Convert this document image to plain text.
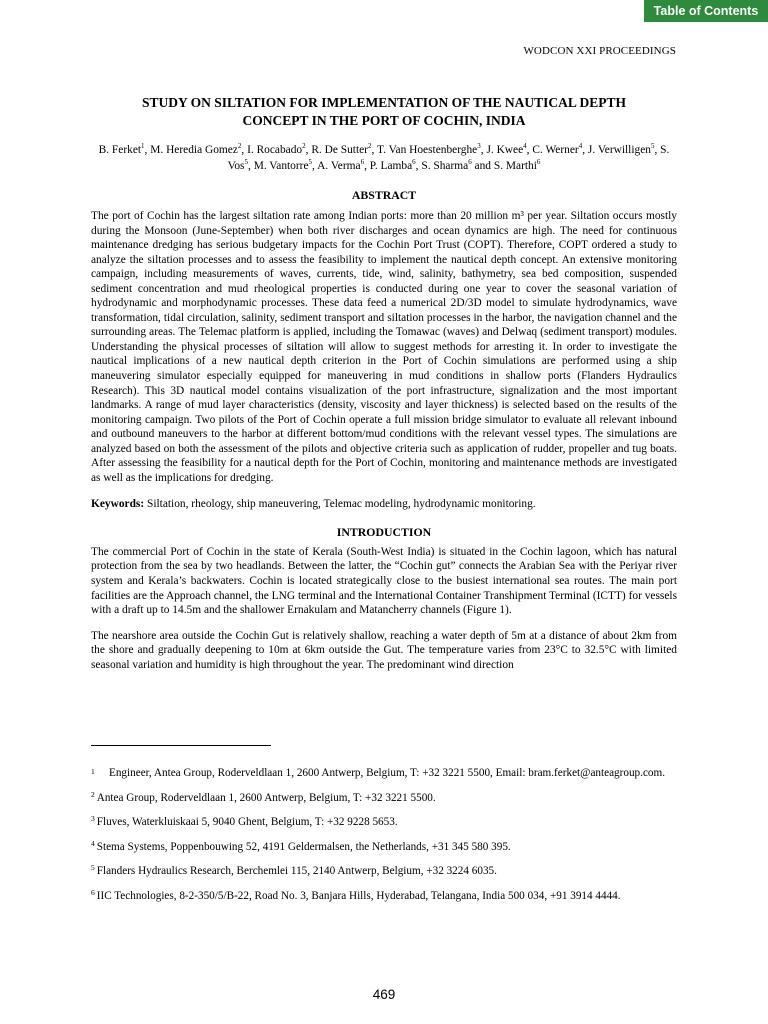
Table of Contents
WODCON XXI PROCEEDINGS
STUDY ON SILTATION FOR IMPLEMENTATION OF THE NAUTICAL DEPTH
CONCEPT IN THE PORT OF COCHIN, INDIA
B. Ferket$^1$, M. Heredia Gomez$^2$, I. Rocabado$^2$, R. De Sutter$^2$, T. Van Hoestenberghe$^3$, J. Kwee$^4$, C. Werner$^4$, J. Verwilligen$^5$, S. Vos$^5$, M. Vantorre$^5$, A. Verma$^6$, P. Lamba$^6$, S. Sharma$^6$ and S. Marthi$^6$
ABSTRACT

The port of Cochin has the largest siltation rate among Indian ports: more than 20 million m³ per year. Siltation occurs mostly during the Monsoon (June-September) when both river discharges and ocean dynamics are high. The need for continuous maintenance dredging has serious budgetary impacts for the Cochin Port Trust (COPT). Therefore, COPT ordered a study to analyze the siltation processes and to assess the feasibility to implement the nautical depth concept. An extensive monitoring campaign, including measurements of waves, currents, tide, wind, salinity, bathymetry, sea bed composition, suspended sediment concentration and mud rheological properties is conducted during one year to cover the seasonal variation of hydrodynamic and morphodynamic processes. These data feed a numerical 2D/3D model to simulate hydrodynamics, wave transformation, tidal circulation, salinity, sediment transport and siltation processes in the harbor, the navigation channel and the surrounding areas. The Telemac platform is applied, including the Tomawac (waves) and Delwaq (sediment transport) modules. Understanding the physical processes of siltation will allow to suggest methods for arresting it. In order to investigate the nautical implications of a new nautical depth criterion in the Port of Cochin simulations are performed using a ship maneuvering simulator especially equipped for maneuvering in mud conditions in shallow ports (Flanders Hydraulics Research). This 3D nautical model contains visualization of the port infrastructure, signalization and the most important landmarks. A range of mud layer characteristics (density, viscosity and layer thickness) is selected based on the results of the monitoring campaign. Two pilots of the Port of Cochin operate a full mission bridge simulator to evaluate all relevant inbound and outbound maneuvers to the harbor at different bottom/mud conditions with the relevant vessel types. The simulations are analyzed based on both the assessment of the pilots and objective criteria such as application of rudder, propeller and tug boats. After assessing the feasibility for a nautical depth for the Port of Cochin, monitoring and maintenance methods are investigated as well as the implications for dredging.

Keywords: Siltation, rheology, ship maneuvering, Telemac modeling, hydrodynamic monitoring.

INTRODUCTION

The commercial Port of Cochin in the state of Kerala (South-West India) is situated in the Cochin lagoon, which has natural protection from the sea by two headlands. Between the latter, the “Cochin gut” connects the Arabian Sea with the Periyar river system and Kerala’s backwaters. Cochin is located strategically close to the busiest international sea routes. The main port facilities are the Approach channel, the LNG terminal and the International Container Transhipment Terminal (ICTT) for vessels with a draft up to 14.5m and the shallower Ernakulam and Matancherry channels (Figure 1).

The nearshore area outside the Cochin Gut is relatively shallow, reaching a water depth of 5m at a distance of about 2km from the shore and gradually deepening to 10m at 6km outside the Gut. The temperature varies from 23°C to 32.5°C with limited seasonal variation and humidity is high throughout the year. The predominant wind direction

1	Engineer, Antea Group, Roderveldlaan 1, 2600 Antwerp, Belgium, T: +32 3221 5500, Email: bram.ferket@anteagroup.com.
2 Antea Group, Roderveldlaan 1, 2600 Antwerp, Belgium, T: +32 3221 5500.
3 Fluves, Waterkluiskaai 5, 9040 Ghent, Belgium, T: +32 9228 5653.
4 Stema Systems, Poppenbouwing 52, 4191 Geldermalsen, the Netherlands, +31 345 580 395.
5 Flanders Hydraulics Research, Berchemlei 115, 2140 Antwerp, Belgium, +32 3224 6035.
6 IIC Technologies, 8-2-350/5/B-22, Road No. 3, Banjara Hills, Hyderabad, Telangana, India 500 034, +91 3914 4444.
469
